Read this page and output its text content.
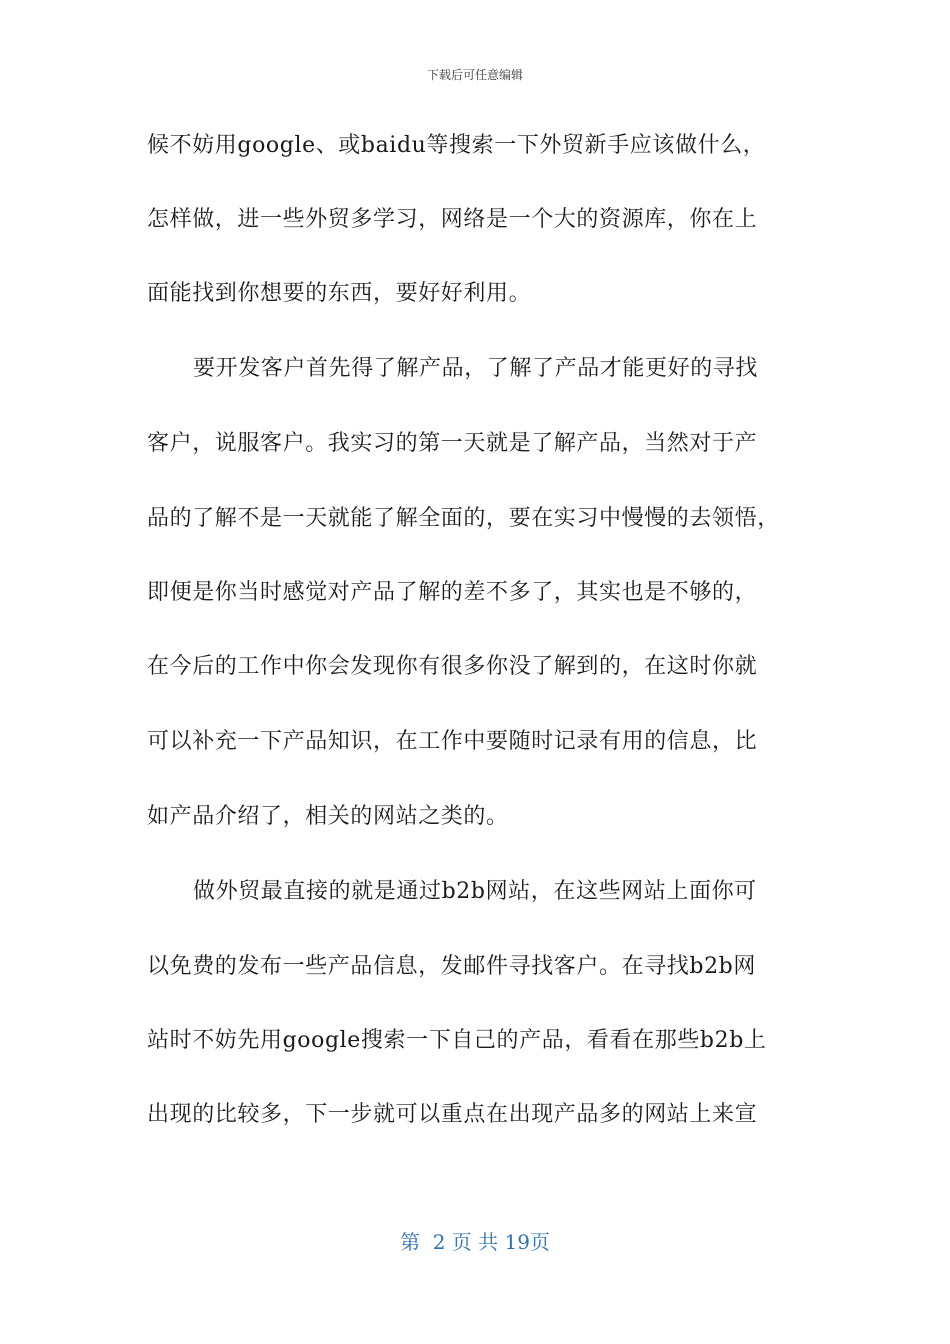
下载后可任意编辑
候不妨用google、或baidu等搜索一下外贸新手应该做什么，
怎样做，进一些外贸多学习，网络是一个大的资源库，你在上
面能找到你想要的东西，要好好利用。
要开发客户首先得了解产品，了解了产品才能更好的寻找
客户，说服客户。我实习的第一天就是了解产品，当然对于产
品的了解不是一天就能了解全面的，要在实习中慢慢的去领悟，
即便是你当时感觉对产品了解的差不多了，其实也是不够的，
在今后的工作中你会发现你有很多你没了解到的，在这时你就
可以补充一下产品知识，在工作中要随时记录有用的信息，比
如产品介绍了，相关的网站之类的。
做外贸最直接的就是通过b2b网站，在这些网站上面你可
以免费的发布一些产品信息，发邮件寻找客户。在寻找b2b网
站时不妨先用google搜索一下自己的产品，看看在那些b2b上
出现的比较多，下一步就可以重点在出现产品多的网站上来宣
第  2 页 共 19页
